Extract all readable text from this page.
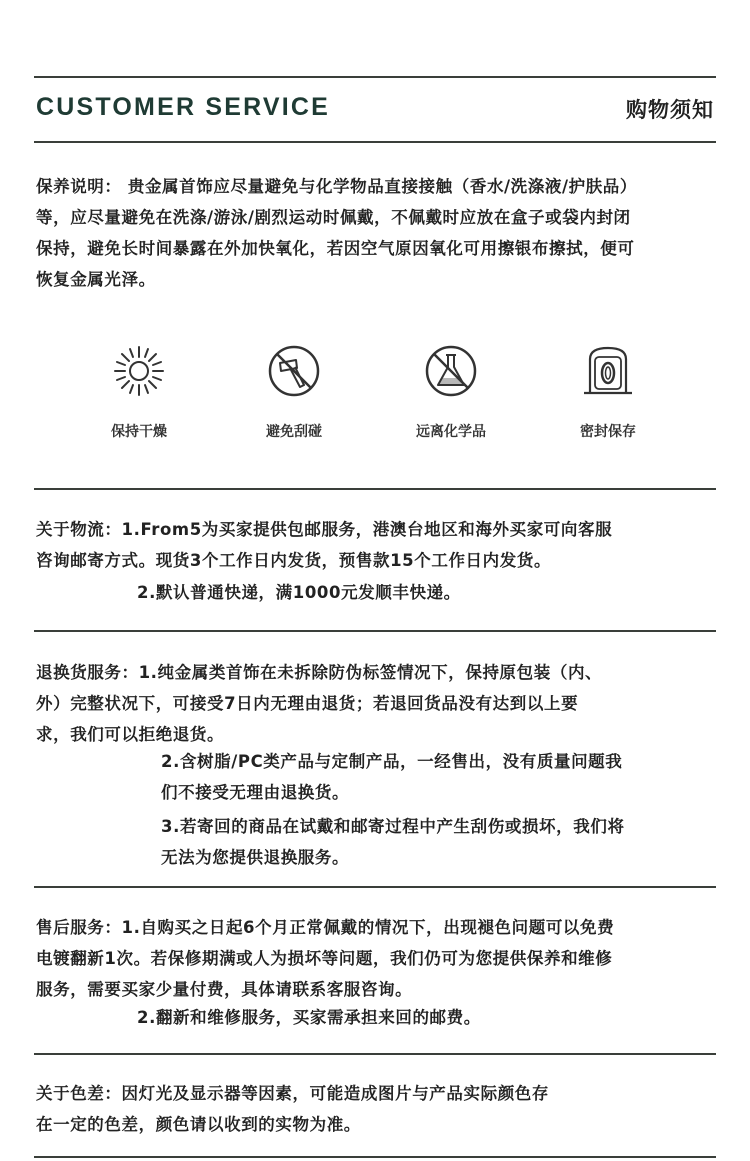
CUSTOMER SERVICE	购物须知
保养说明： 贵金属首饰应尽量避免与化学物品直接接触（香水/洗涤液/护肤品）
等，应尽量避免在洗涤/游泳/剧烈运动时佩戴，不佩戴时应放在盒子或袋内封闭
保持，避免长时间暴露在外加快氧化，若因空气原因氧化可用擦银布擦拭，便可
恢复金属光泽。
保持干燥	避免刮碰	远离化学品	密封保存
关于物流：1.From5为买家提供包邮服务，港澳台地区和海外买家可向客服
咨询邮寄方式。现货3个工作日内发货，预售款15个工作日内发货。
2.默认普通快递，满1000元发顺丰快递。
退换货服务：1.纯金属类首饰在未拆除防伪标签情况下，保持原包装（内、
外）完整状况下，可接受7日内无理由退货；若退回货品没有达到以上要
求，我们可以拒绝退货。
2.含树脂/PC类产品与定制产品，一经售出，没有质量问题我
们不接受无理由退换货。
3.若寄回的商品在试戴和邮寄过程中产生刮伤或损坏，我们将
无法为您提供退换服务。
售后服务：1.自购买之日起6个月正常佩戴的情况下，出现褪色问题可以免费
电镀翻新1次。若保修期满或人为损坏等问题，我们仍可为您提供保养和维修
服务，需要买家少量付费，具体请联系客服咨询。
2.翻新和维修服务，买家需承担来回的邮费。
关于色差：因灯光及显示器等因素，可能造成图片与产品实际颜色存
在一定的色差，颜色请以收到的实物为准。
